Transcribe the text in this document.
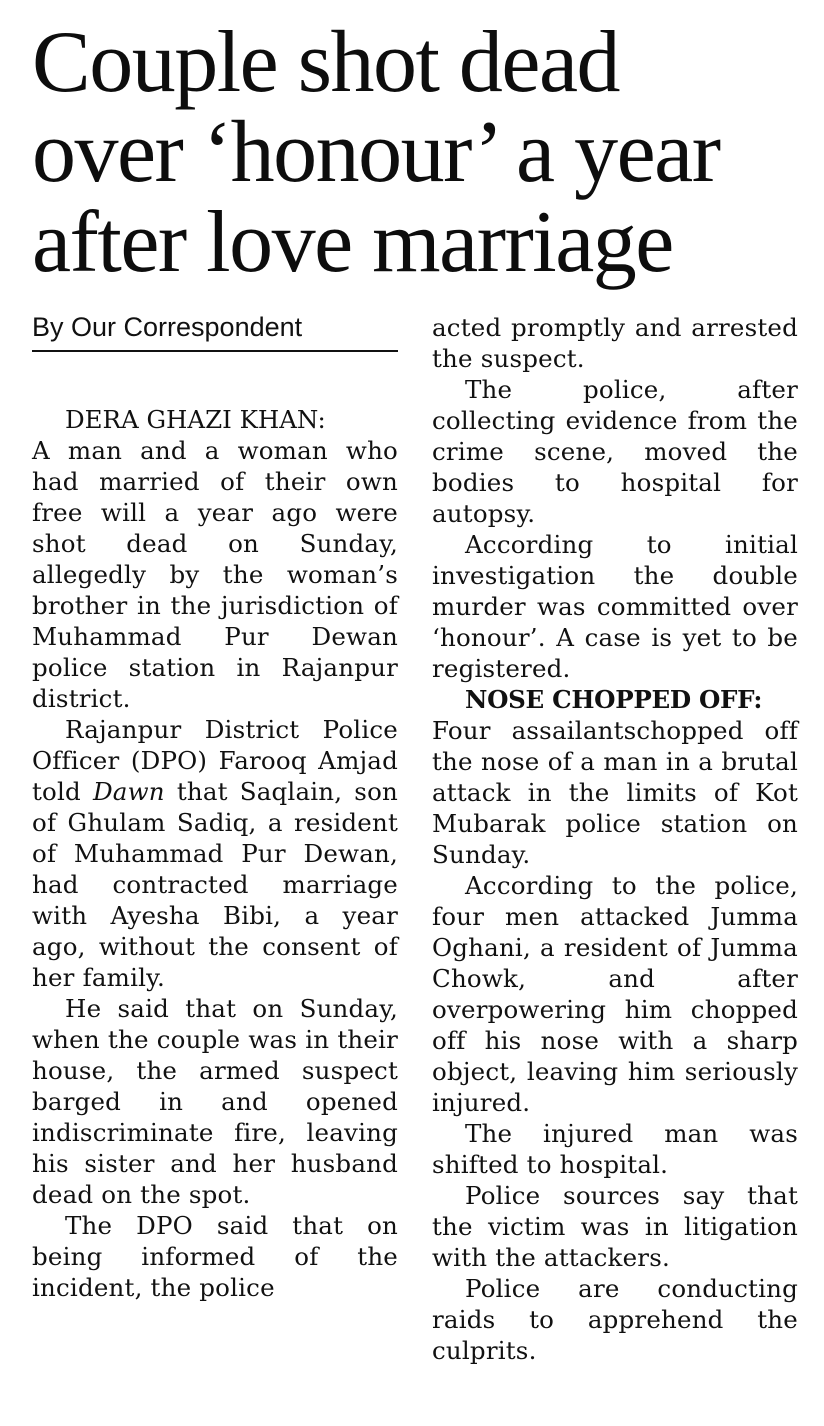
Couple shot dead
over ‘honour’ a year
after love marriage
By Our Correspondent

DERA GHAZI KHAN:
A man and a woman who had married of their own free will a year ago were shot dead on Sunday, allegedly by the woman’s brother in the jurisdiction of Muhammad Pur Dewan police station in Rajanpur district.

Rajanpur District Police Officer (DPO) Farooq Amjad told Dawn that Saqlain, son of Ghulam Sadiq, a resident of Muhammad Pur Dewan, had contracted marriage with Ayesha Bibi, a year ago, without the consent of her family.

He said that on Sunday, when the couple was in their house, the armed suspect barged in and opened indiscriminate fire, leaving his sister and her husband dead on the spot.

The DPO said that on being informed of the incident, the police

acted promptly and arrested the suspect.

The police, after collecting evidence from the crime scene, moved the bodies to hospital for autopsy.

According to initial investigation the double murder was committed over ‘honour’. A case is yet to be registered.

NOSE CHOPPED OFF:
Four assailantschopped off the nose of a man in a brutal attack in the limits of Kot Mubarak police station on Sunday.

According to the police, four men attacked Jumma Oghani, a resident of Jumma Chowk, and after overpowering him chopped off his nose with a sharp object, leaving him seriously injured.

The injured man was shifted to hospital.

Police sources say that the victim was in litigation with the attackers.

Police are conducting raids to apprehend the culprits.
